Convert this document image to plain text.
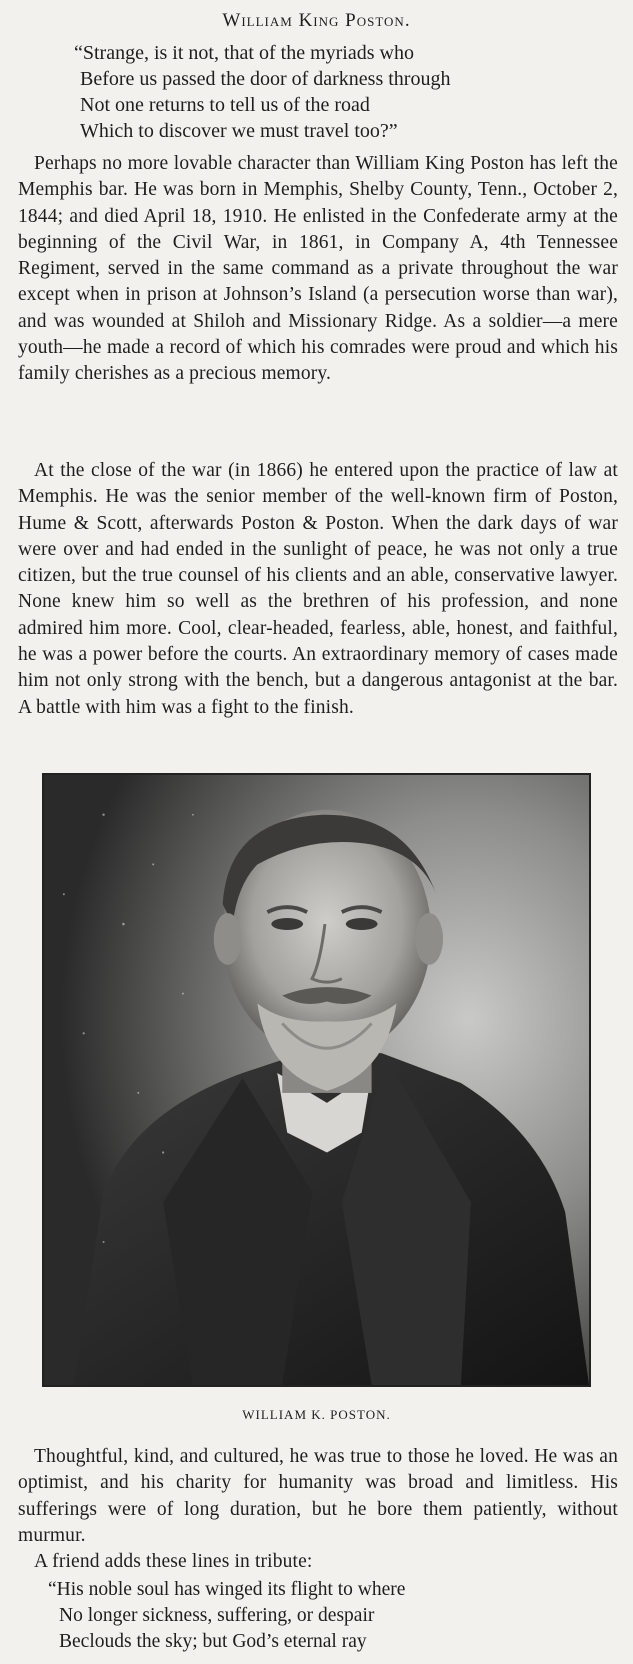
William King Poston.
“Strange, is it not, that of the myriads who
Before us passed the door of darkness through
Not one returns to tell us of the road
Which to discover we must travel too?”

Perhaps no more lovable character than William King Poston has left the Memphis bar. He was born in Memphis, Shelby County, Tenn., October 2, 1844; and died April 18, 1910. He enlisted in the Confederate army at the beginning of the Civil War, in 1861, in Company A, 4th Tennessee Regiment, served in the same command as a private throughout the war except when in prison at Johnson’s Island (a persecution worse than war), and was wounded at Shiloh and Missionary Ridge. As a soldier—a mere youth—he made a record of which his comrades were proud and which his family cherishes as a precious memory.

At the close of the war (in 1866) he entered upon the practice of law at Memphis. He was the senior member of the well-known firm of Poston, Hume & Scott, afterwards Poston & Poston. When the dark days of war were over and had ended in the sunlight of peace, he was not only a true citizen, but the true counsel of his clients and an able, conservative lawyer. None knew him so well as the brethren of his profession, and none admired him more. Cool, clear-headed, fearless, able, honest, and faithful, he was a power before the courts. An extraordinary memory of cases made him not only strong with the bench, but a dangerous antagonist at the bar. A battle with him was a fight to the finish.

WILLIAM K. POSTON.

Thoughtful, kind, and cultured, he was true to those he loved. He was an optimist, and his charity for humanity was broad and limitless. His sufferings were of long duration, but he bore them patiently, without murmur.

A friend adds these lines in tribute:

“His noble soul has winged its flight to where
No longer sickness, suffering, or despair
Beclouds the sky; but God’s eternal ray
